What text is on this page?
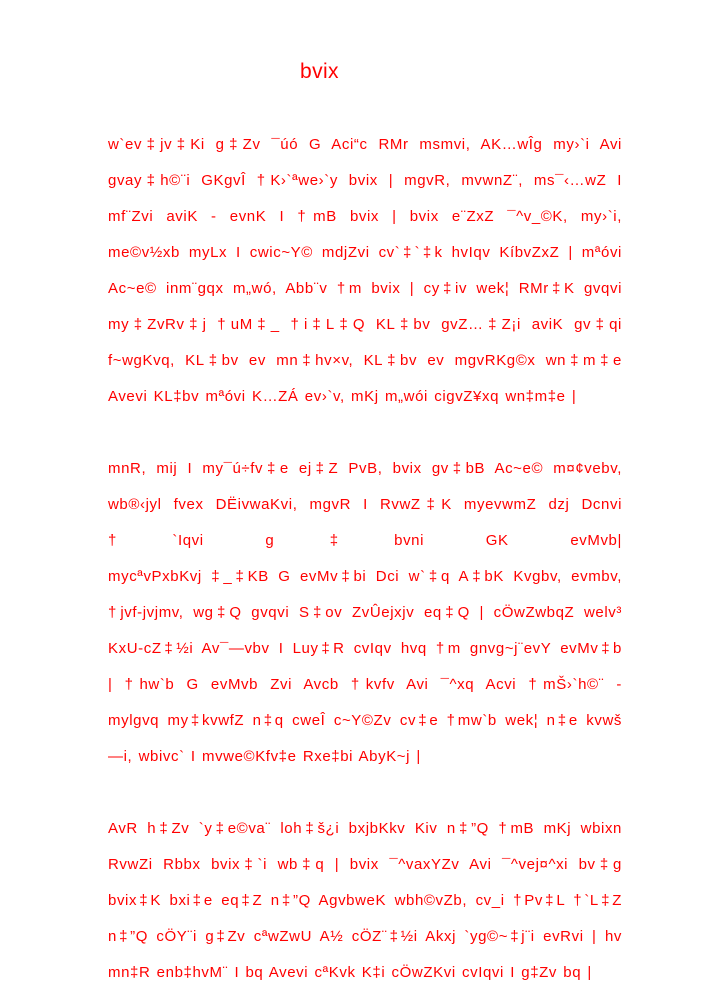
bvix
w`ev‡jv‡Ki g‡Zv ¯úó G Aci“c RMr msmvi, AK…wÎg my›`i Avi
gvay‡h©¨i GKgvÎ †K›`ªwe›`y bvix | mgvR, mvwnZ¨, ms¯‹…wZ I
mf¨Zvi aviK - evnK I †mB bvix | bvix e¨ZxZ ¯^v_©K, my›`i,
me©v½xb myLx I cwic~Y© mdjZvi cv`‡`‡k hvIqv KíbvZxZ | mªóvi
Ac~e© inm¨gqx m„wó, Abb¨v †m bvix | cy‡iv wek¦ RMr‡K gvqvi
my‡ZvRv‡j †uM‡_ †i‡L‡Q KL‡bv gvZ…‡Z¡i aviK gv‡qi
f~wgKvq, KL‡bv ev mn‡hv×v, KL‡bv ev mgvRKg©x wn‡m‡e
Avevi KL‡bv mªóvi K…ZÁ ev›`v, mKj m„wói cigvZ¥xq wn‡m‡e |
mnR, mij I my¯ú÷fv‡e ej‡Z PvB, bvix gv‡bB Ac~e© m¤¢vebv,
wb®‹jyl fvex DËivwaKvi, mgvR I RvwZ‡K myevwmZ dzj Dcnvi
†`Iqvi g‡bvni GK evMvb|
mycªvPxbKvj ‡_‡KB G evMv‡bi Dci w`‡q A‡bK Kvgbv, evmbv,
†jvf-jvjmv, wg‡Q gvqvi S‡ov ZvÛejxjv eq‡Q | cÖwZwbqZ welv³
KxU-cZ‡½i Av¯—vbv I Luy‡R cvIqv hvq †m gnvg~j¨evY evMv‡b
| †hw`b G evMvb Zvi Avcb †kvfv Avi ¯^xq Acvi †mŠ›`h©¨ -
mylgvq my‡kvwfZ n‡q cweÎ c~Y©Zv cv‡e †mw`b wek¦ n‡e kvwš
—i, wbivc` I mvwe©Kfv‡e Rxe‡bi AbyK~j |
AvR h‡Zv `y‡e©va¨ loh‡š¿i bxjbKkv Kiv n‡”Q †mB mKj wbixn
RvwZi Rbbx bvix‡`i wb‡q | bvix ¯^vaxYZv Avi ¯^vej¤^xi bv‡g
bvix‡K bxi‡e eq‡Z n‡”Q AgvbweK wbh©vZb, cv_i †Pv‡L †`L‡Z
n‡”Q cÖY¨i g‡Zv cªwZwU A½ cÖZ¨‡½i Akxj `yg©~‡j¨i evRvi | hv
mn‡R enb‡hvM¨ I bq Avevi cªKvk K‡i cÖwZKvi cvIqvi I g‡Zv bq |
